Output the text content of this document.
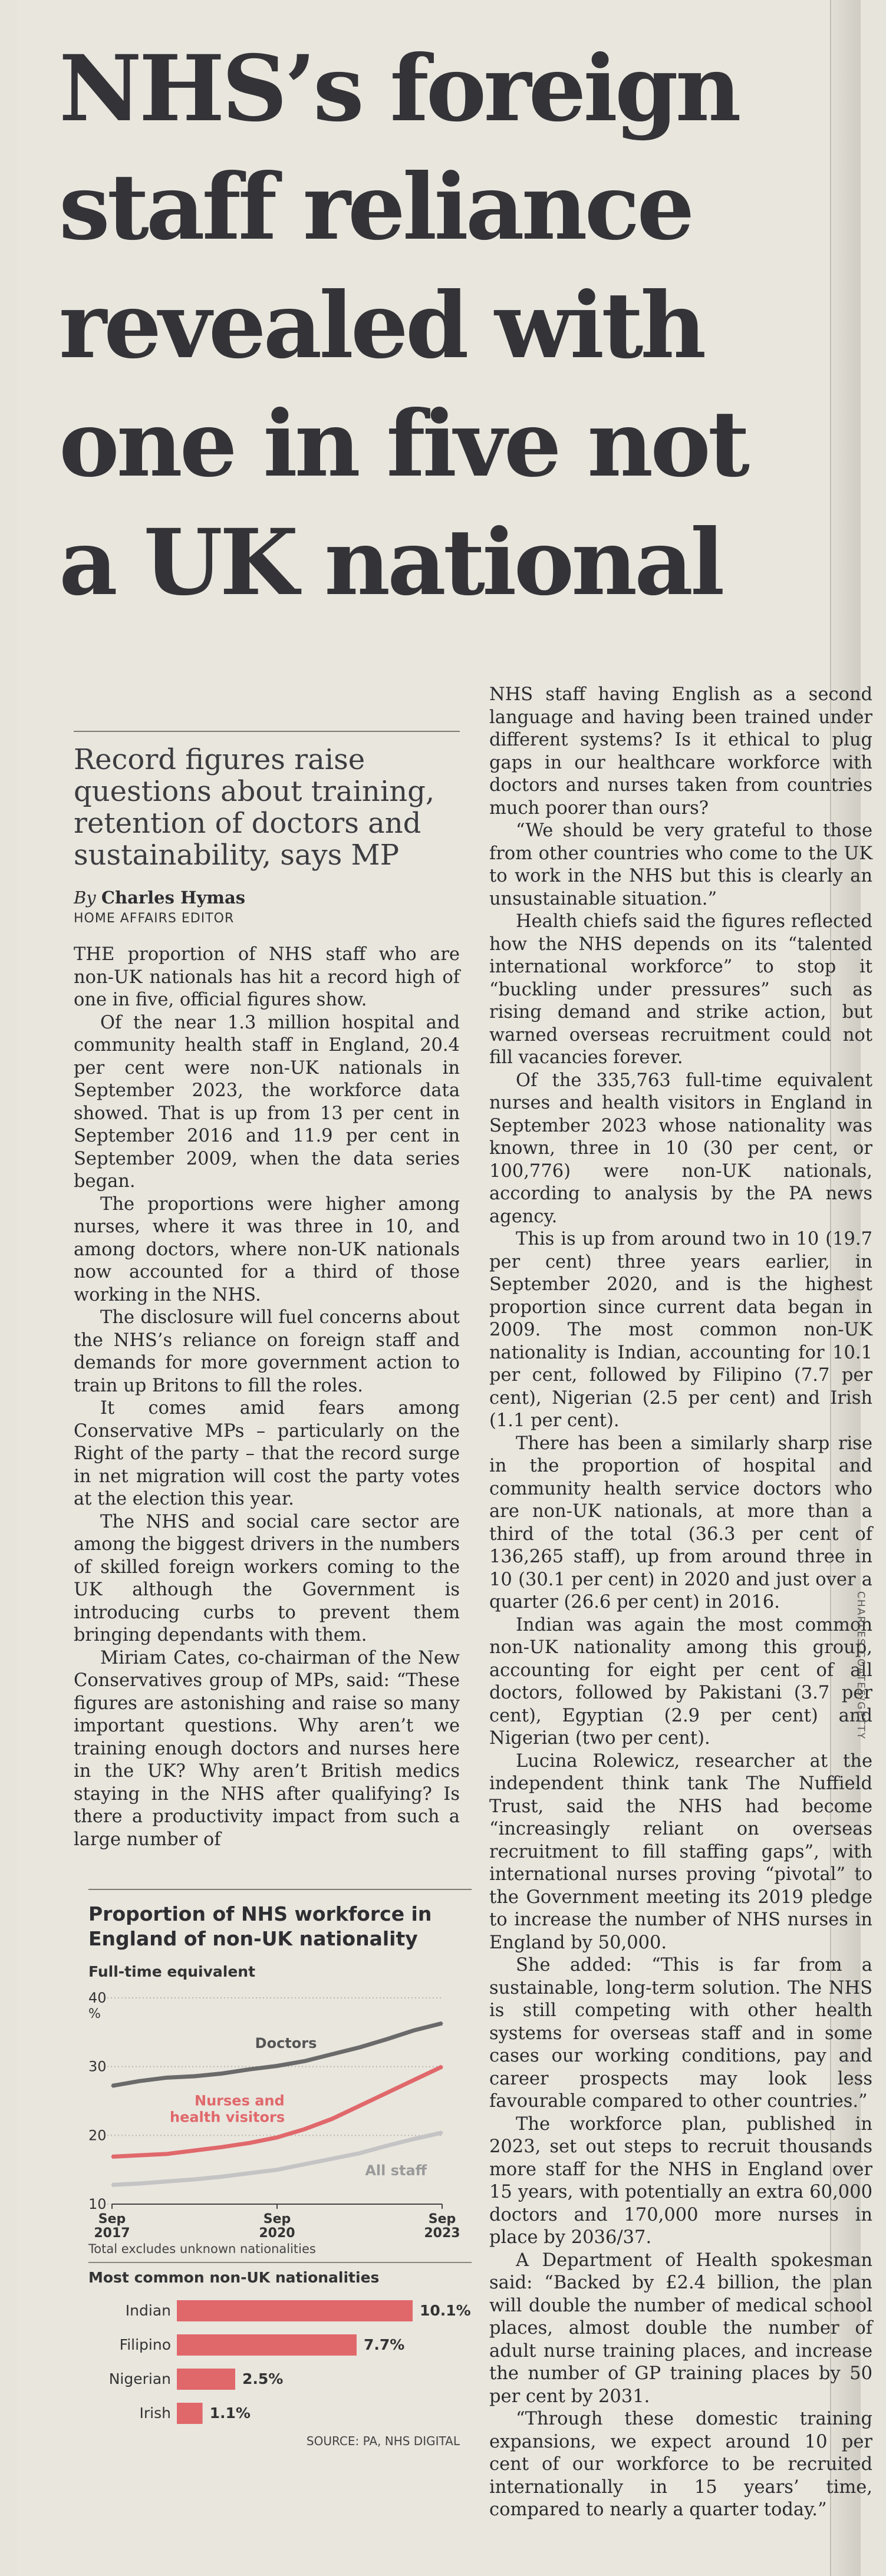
NHS’s foreign
staff reliance
revealed with
one in five not
a UK national

Record figures raise questions about training, retention of doctors and sustainability, says MP

By Charles Hymas

HOME AFFAIRS EDITOR

THE proportion of NHS staff who are non-UK nationals has hit a record high of one in five, official figures show.

Of the near 1.3 million hospital and community health staff in England, 20.4 per cent were non-UK nationals in September 2023, the workforce data showed. That is up from 13 per cent in September 2016 and 11.9 per cent in September 2009, when the data series began.

The proportions were higher among nurses, where it was three in 10, and among doctors, where non-UK nationals now accounted for a third of those working in the NHS.

The disclosure will fuel concerns about the NHS’s reliance on foreign staff and demands for more government action to train up Britons to fill the roles.

It comes amid fears among Conservative MPs – particularly on the Right of the party – that the record surge in net migration will cost the party votes at the election this year.

The NHS and social care sector are among the biggest drivers in the numbers of skilled foreign workers coming to the UK although the Government is introducing curbs to prevent them bringing dependants with them.

Miriam Cates, co-chairman of the New Conservatives group of MPs, said: “These figures are astonishing and raise so many important questions. Why aren’t we training enough doctors and nurses here in the UK? Why aren’t British medics staying in the NHS after qualifying? Is there a productivity impact from such a large number of

NHS staff having English as a second language and having been trained under different systems? Is it ethical to plug gaps in our healthcare workforce with doctors and nurses taken from countries much poorer than ours?

“We should be very grateful to those from other countries who come to the UK to work in the NHS but this is clearly an unsustainable situation.”

Health chiefs said the figures reflected how the NHS depends on its “talented international workforce” to stop it “buckling under pressures” such as rising demand and strike action, but warned overseas recruitment could not fill vacancies forever.

Of the 335,763 full-time equivalent nurses and health visitors in England in September 2023 whose nationality was known, three in 10 (30 per cent, or 100,776) were non-UK nationals, according to analysis by the PA news agency.

This is up from around two in 10 (19.7 per cent) three years earlier, in September 2020, and is the highest proportion since current data began in 2009. The most common non-UK nationality is Indian, accounting for 10.1 per cent, followed by Filipino (7.7 per cent), Nigerian (2.5 per cent) and Irish (1.1 per cent).

There has been a similarly sharp rise in the proportion of hospital and community health service doctors who are non-UK nationals, at more than a third of the total (36.3 per cent of 136,265 staff), up from around three in 10 (30.1 per cent) in 2020 and just over a quarter (26.6 per cent) in 2016.

Indian was again the most common non-UK nationality among this group, accounting for eight per cent of all doctors, followed by Pakistani (3.7 per cent), Egyptian (2.9 per cent) and Nigerian (two per cent).

Lucina Rolewicz, researcher at the independent think tank The Nuffield Trust, said the NHS had become “increasingly reliant on overseas recruitment to fill staffing gaps”, with international nurses proving “pivotal” to the Government meeting its 2019 pledge to increase the number of NHS nurses in England by 50,000.

She added: “This is far from a sustainable, long-term solution. The NHS is still competing with other health systems for overseas staff and in some cases our working conditions, pay and career prospects may look less favourable compared to other countries.”

The workforce plan, published in 2023, set out steps to recruit thousands more staff for the NHS in England over 15 years, with potentially an extra 60,000 doctors and 170,000 more nurses in place by 2036/37.

A Department of Health spokesman said: “Backed by £2.4 billion, the plan will double the number of medical school places, almost double the number of adult nurse training places, and increase the number of GP training places by 50 per cent by 2031.

“Through these domestic training expansions, we expect around 10 per cent of our workforce to be recruited internationally in 15 years’ time, compared to nearly a quarter today.”

CHARLES COATES/GETTY

Proportion of NHS workforce in England of non-UK nationality

Full-time equivalent
10
20
30
40
%
Sep
2017
Sep
2020
Sep
2023
Doctors
Nurses and
health visitors
All staff
Total excludes unknown nationalities
Most common non-UK nationalities
Indian	10.1%
Filipino	7.7%
Nigerian	2.5%
Irish	1.1%
SOURCE: PA, NHS DIGITAL
